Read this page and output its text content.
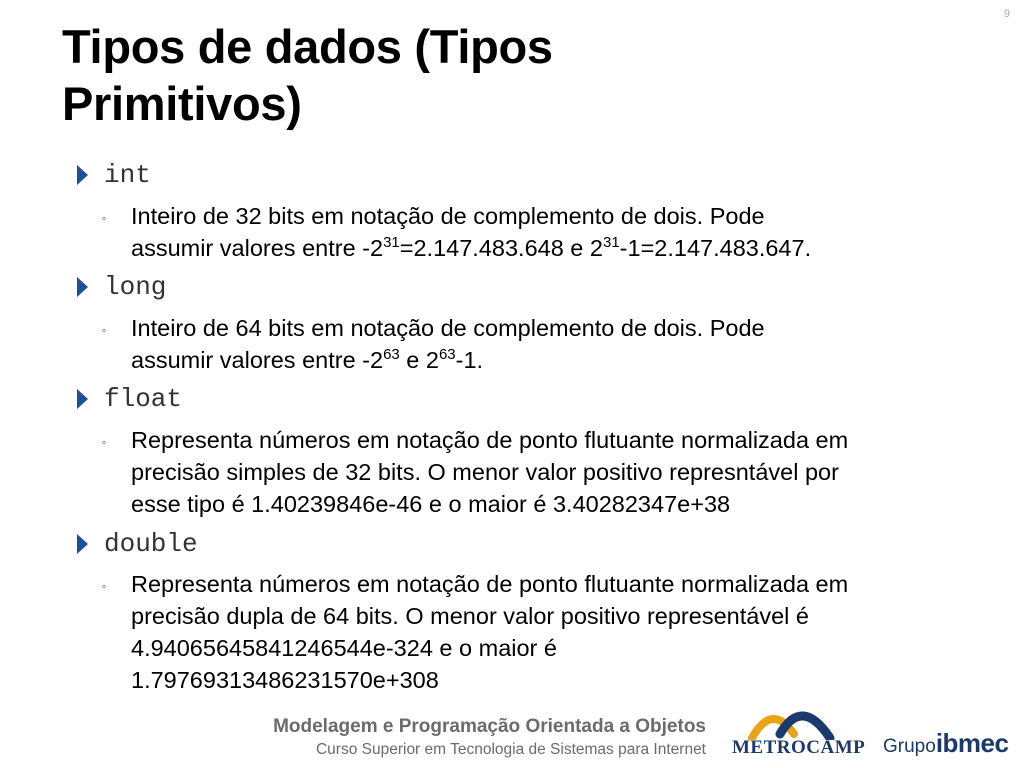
9
Tipos de dados (Tipos
Primitivos)
int
◦ Inteiro de 32 bits em notação de complemento de dois. Pode
assumir valores entre $-2^{31}=2.147.483.648$ e $2^{31}-1=2.147.483.647$.
long
◦ Inteiro de 64 bits em notação de complemento de dois. Pode
assumir valores entre $-2^{63}$ e $2^{63}-1$.
float
◦ Representa números em notação de ponto flutuante normalizada em
precisão simples de 32 bits. O menor valor positivo represntável por
esse tipo é 1.40239846e-46 e o maior é 3.40282347e+38
double
◦ Representa números em notação de ponto flutuante normalizada em
precisão dupla de 64 bits. O menor valor positivo representável é
4.94065645841246544e-324 e o maior é
1.79769313486231570e+308
Modelagem e Programação Orientada a Objetos
Curso Superior em Tecnologia de Sistemas para Internet METROCAMP Grupoibmec
